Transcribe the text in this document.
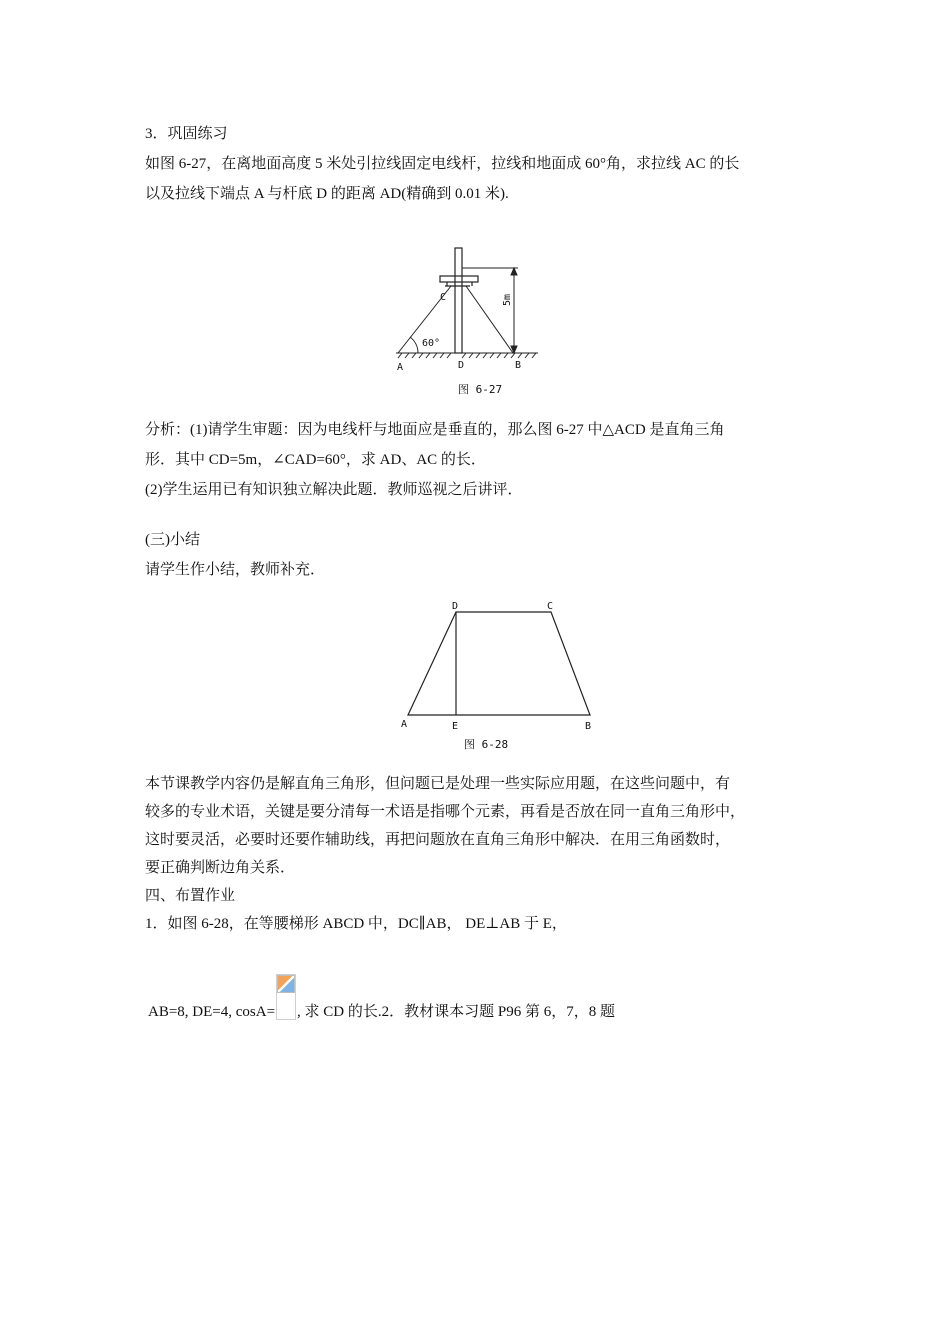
3．巩固练习
如图 6-27，在离地面高度 5 米处引拉线固定电线杆，拉线和地面成 60°角，求拉线 AC 的长
以及拉线下端点 A 与杆底 D 的距离 AD(精确到 0.01 米).
5m
C
60°
A	D	B
图 6-27
分析：(1)请学生审题：因为电线杆与地面应是垂直的，那么图 6-27 中△ACD 是直角三角
形．其中 CD=5m，∠CAD=60°，求 AD、AC 的长．
(2)学生运用已有知识独立解决此题．教师巡视之后讲评．
(三)小结
请学生作小结，教师补充．
D	C
A	E	B
图 6-28
本节课教学内容仍是解直角三角形，但问题已是处理一些实际应用题，在这些问题中，有
较多的专业术语，关键是要分清每一术语是指哪个元素，再看是否放在同一直角三角形中，
这时要灵活，必要时还要作辅助线，再把问题放在直角三角形中解决．在用三角函数时，
要正确判断边角关系．
四、布置作业
1．如图 6-28，在等腰梯形 ABCD 中，DC∥AB， DE⊥AB 于 E，
AB=8, DE=4, cosA= , 求 CD 的长.2．教材课本习题 P96 第 6，7，8 题
